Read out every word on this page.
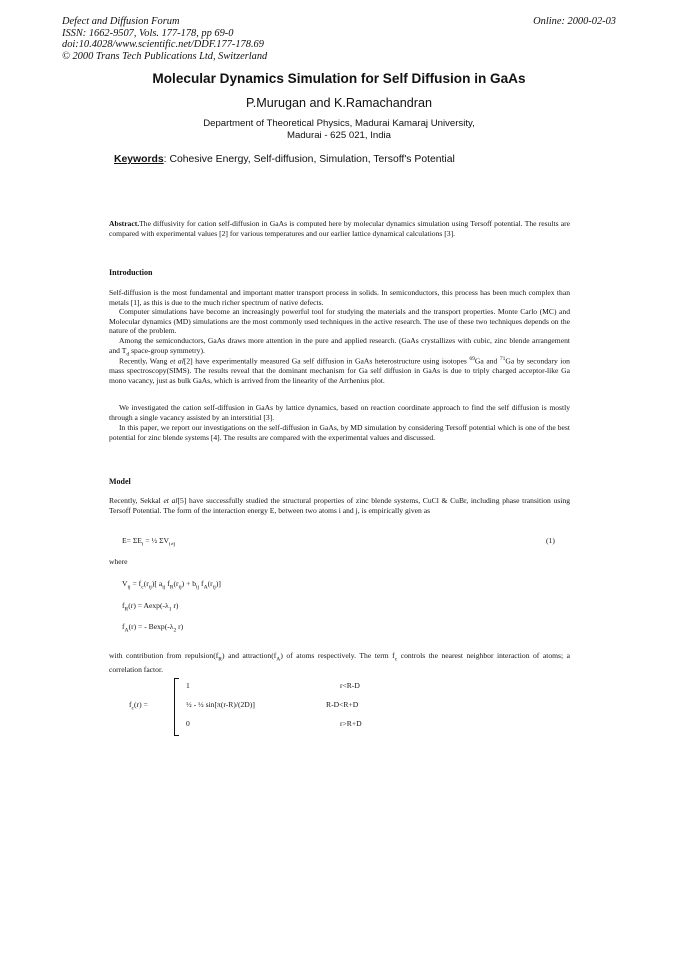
Defect and Diffusion Forum
ISSN: 1662-9507, Vols. 177-178, pp 69-0
doi:10.4028/www.scientific.net/DDF.177-178.69
© 2000 Trans Tech Publications Ltd, Switzerland
Online: 2000-02-03
Molecular Dynamics Simulation for Self Diffusion in GaAs
P.Murugan and K.Ramachandran
Department of Theoretical Physics, Madurai Kamaraj University,
Madurai - 625 021, India
Keywords: Cohesive Energy, Self-diffusion, Simulation, Tersoff's Potential
Abstract.The diffusivity for cation self-diffusion in GaAs is computed here by molecular dynamics simulation using Tersoff potential. The results are compared with experimental values [2] for various temperatures and our earlier lattice dynamical calculations [3].
Introduction
Self-diffusion is the most fundamental and important matter transport process in solids. In semiconductors, this process has been much complex than metals [1], as this is due to the much richer spectrum of native defects.
Computer simulations have become an increasingly powerful tool for studying the materials and the transport properties. Monte Carlo (MC) and Molecular dynamics (MD) simulations are the most commonly used techniques in the active research. The use of these two techniques depends on the nature of the problem.
Among the semiconductors, GaAs draws more attention in the pure and applied research. (GaAs crystallizes with cubic, zinc blende arrangement and $T_d$ space-group symmetry).
Recently, Wang et al[2] have experimentally measured Ga self diffusion in GaAs heterostructure using isotopes $^{69}$Ga and $^{71}$Ga by secondary ion mass spectroscopy(SIMS). The results reveal that the dominant mechanism for Ga self diffusion in GaAs is due to triply charged acceptor-like Ga mono vacancy, just as bulk GaAs, which is arrived from the linearity of the Arrhenius plot.
We investigated the cation self-diffusion in GaAs by lattice dynamics, based on reaction coordinate approach to find the self diffusion is mostly through a single vacancy assisted by an interstitial [3].
In this paper, we report our investigations on the self-diffusion in GaAs, by MD simulation by considering Tersoff potential which is one of the best potential for zinc blende systems [4]. The results are compared with the experimental values and discussed.
Model
Recently, Sekkal et al[5] have successfully studied the structural properties of zinc blende systems, CuCl & CuBr, including phase transition using Tersoff Potential. The form of the interaction energy E, between two atoms i and j, is empirically given as
$E= \Sigma E_i$ = ½ $\Sigma V_{i\ne j}$	(1)
where
$V_{ij} = f_c(r_{ij})$[ $a_{ij}$ $f_R(r_{ij}) + b_{ij}$ $f_A(r_{ij})$]
$f_R(r) = Aexp(-\lambda_1$ r)
$f_A(r)$ = - $Bexp(-\lambda_2$ r)
with contribution from $repulsion(f_R)$ and $attraction(f_A)$ of atoms respectively. The term $f_c$ controls the nearest neighbor interaction of atoms; a correlation factor.
$f_c(r)$ =
1
½ - ½ sin[π(r-R)/(2D)]
0
r<R-D
R-D<R+D
r>R+D
